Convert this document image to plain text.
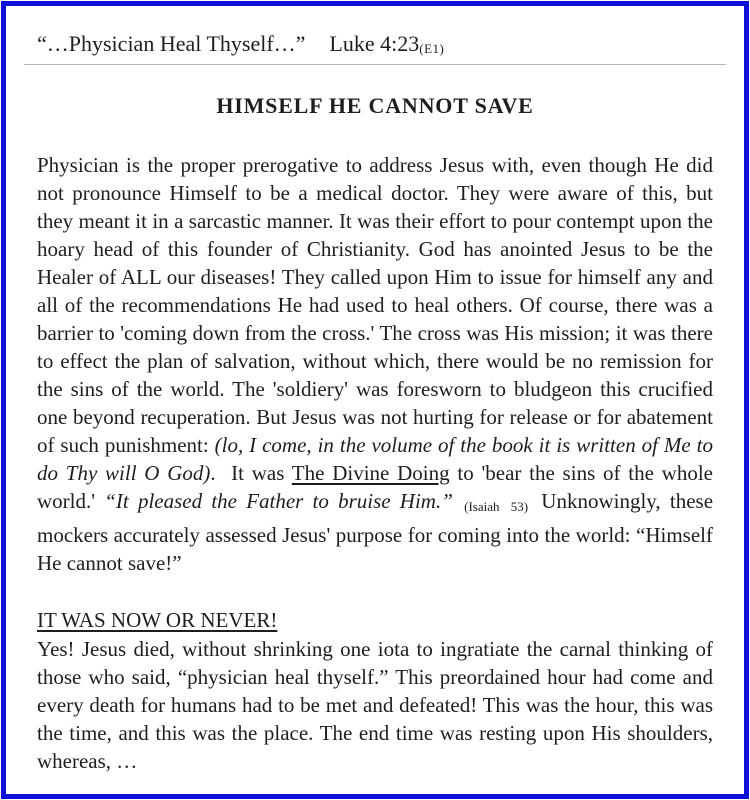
“…Physician Heal Thyself…” Luke 4:23(E1)
HIMSELF HE CANNOT SAVE

Physician is the proper prerogative to address Jesus with, even though He did not pronounce Himself to be a medical doctor. They were aware of this, but they meant it in a sarcastic manner. It was their effort to pour contempt upon the hoary head of this founder of Christianity. God has anointed Jesus to be the Healer of ALL our diseases! They called upon Him to issue for himself any and all of the recommendations He had used to heal others. Of course, there was a barrier to 'coming down from the cross.' The cross was His mission; it was there to effect the plan of salvation, without which, there would be no remission for the sins of the world. The 'soldiery' was foresworn to bludgeon this crucified one beyond recuperation. But Jesus was not hurting for release or for abatement of such punishment: (lo, I come, in the volume of the book it is written of Me to do Thy will O God).  It was The Divine Doing to 'bear the sins of the whole world.' “It pleased the Father to bruise Him.” (Isaiah 53) Unknowingly, these mockers accurately assessed Jesus' purpose for coming into the world: “Himself He cannot save!”

IT WAS NOW OR NEVER!

Yes! Jesus died, without shrinking one iota to ingratiate the carnal thinking of those who said, “physician heal thyself.” This preordained hour had come and every death for humans had to be met and defeated! This was the hour, this was the time, and this was the place. The end time was resting upon His shoulders, whereas, …
